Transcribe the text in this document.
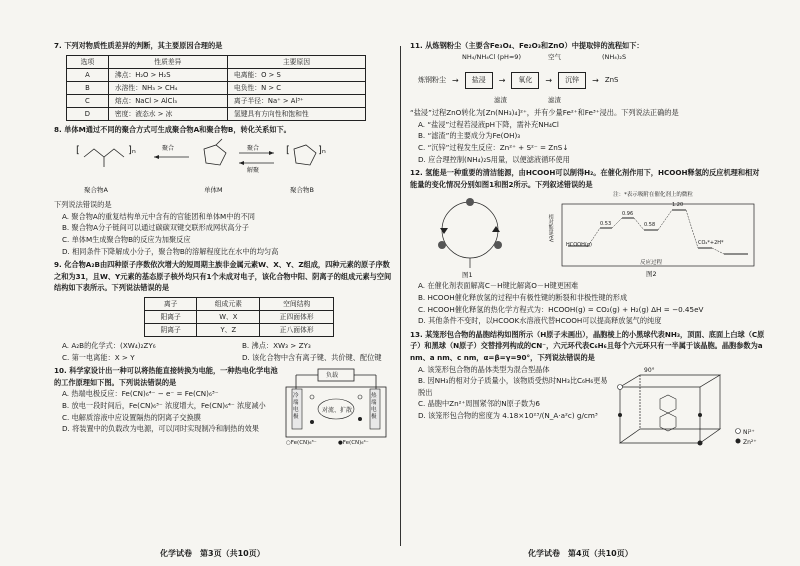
7. 下列对物质性质差异的判断，其主要原因合理的是
选项	性质差异	主要原因
A	沸点：H₂O > H₂S	电离能：O > S
B	水溶性：NH₃ > CH₄	电负性：N > C
C	熔点：NaCl > AlCl₃	离子半径：Na⁺ > Al³⁺
D	密度：液态水 > 冰	氢键具有方向性和饱和性
8. 单体M通过不同的聚合方式可生成聚合物A和聚合物B，转化关系如下。
[	]ₙ	[	]ₙ
聚合物A	单体M	聚合物B
聚合	聚合
解聚
下列说法错误的是
A. 聚合物A的重复结构单元中含有的官能团和单体M中的不同
B. 聚合物A分子链间可以通过碳碳双键交联形成网状高分子
C. 单体M生成聚合物B的反应为加聚反应
D. 相同条件下降解成小分子，聚合物B的溶解程度比在水中的均匀高
9. 化合物A₂B由四种原子序数依次增大的短周期主族非金属元素W、X、Y、Z组成，四种元素的原子序数之和为31，且W、Y元素的基态原子核外均只有1个未成对电子，该化合物中阳、阴离子的组成元素与空间结构如下表所示。下列说法错误的是
离子	组成元素	空间结构
阳离子	W、X	正四面体形
阴离子	Y、Z	正八面体形
A. A₂B的化学式：(XW₄)₂ZY₆	B. 沸点：XW₃ > ZY₃
C. 第一电离能：X > Y	D. 该化合物中含有离子键、共价键、配位键
10. 科学家设计出一种可以将热能直接转换为电能，一种热电化学电池的工作原理如下图。下列说法错误的是
A. 热端电极反应：Fe(CN)₆⁴⁻ − e⁻ = Fe(CN)₆³⁻
B. 放电一段时间后，Fe(CN)₆³⁻ 浓度增大，Fe(CN)₆⁴⁻ 浓度减小
C. 电解质溶液中应设置隔热的阴离子交换膜
D. 将装置中的负载改为电源，可以同时实现制冷和制热的效果
负载
冷端电极
热端电极
对流、扩散
○Fe(CN)₆³⁻	●Fe(CN)₆⁴⁻
11. 从炼钢粉尘（主要含Fe₃O₄、Fe₂O₃和ZnO）中提取锌的流程如下：
NH₄/NH₄Cl (pH≈9)	空气	(NH₄)₂S
炼钢粉尘 →	盐浸	→	氧化	→	沉锌	→ ZnS
滤渣	滤渣
“盐浸”过程ZnO转化为[Zn(NH₃)₄]²⁺，并有少量Fe²⁺和Fe³⁺浸出。下列说法正确的是
A. “盐浸”过程若浸液pH下降，需补充NH₄Cl
B. “滤渣”的主要成分为Fe(OH)₃
C. “沉锌”过程发生反应：Zn²⁺ + S²⁻ = ZnS↓
D. 应合理控制(NH₄)₂S用量，以便滤液循环使用
12. 氢能是一种重要的清洁能源，由HCOOH可以制得H₂。在催化剂作用下，HCOOH释氢的反应机理和相对能量的变化情况分别如图1和图2所示。下列叙述错误的是
图1
注：*表示吸附在催化剂上的微粒
相对能量/eV
1.20
0.96
0.58
0.53
HCOOH(g)	CO₂*+2H*
反应过程
图2
A. 在催化剂表面解离C－H键比解离O－H键更困难
B. HCOOH催化释放氢的过程中有极性键的断裂和非极性键的形成
C. HCOOH催化释氢的热化学方程式为：HCOOH(g) = CO₂(g) + H₂(g) ΔH = −0.45eV
D. 其他条件不变时，以HCOOK水溶液代替HCOOH可以提高释放氢气的纯度
13. 某笼形包合物的晶胞结构如图所示（H原子未画出），晶胞棱上的小黑球代表NH₃，顶面、底面上白球（C原子）和黑球（N原子）交替排列构成的CN⁻，六元环代表C₆H₆且每个六元环只有一半属于该晶胞。晶胞参数为a nm、a nm、c nm，α=β=γ=90°，下列说法错误的是
A. 该笼形包合物的晶体类型为混合型晶体
B. 因NH₃的相对分子质量小，该物质受热时NH₃比C₆H₆更易脱出
C. 晶胞中Zn²⁺周围紧邻的N原子数为6
D. 该笼形包合物的密度为 4.18×10²³/(N_A·a²c) g/cm³
90°
Ni²⁺
Zn²⁺
化学试卷　第3页（共10页）	化学试卷　第4页（共10页）
